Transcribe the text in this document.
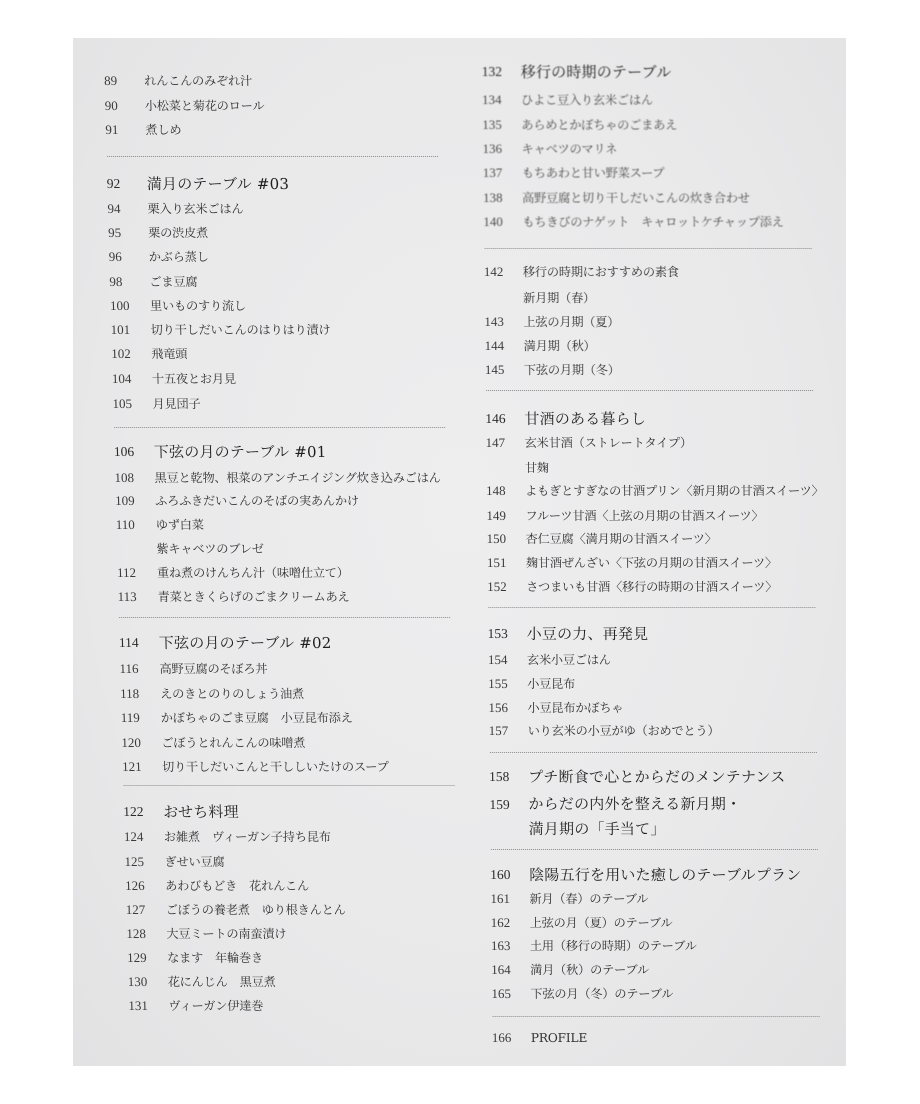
89 れんこんのみぞれ汁
90 小松菜と菊花のロール
91 煮しめ
92 満月のテーブル #03
94 栗入り玄米ごはん
95 栗の渋皮煮
96 かぶら蒸し
98 ごま豆腐
100 里いものすり流し
101 切り干しだいこんのはりはり漬け
102 飛竜頭
104 十五夜とお月見
105 月見団子
106 下弦の月のテーブル #01
108 黒豆と乾物、根菜のアンチエイジング炊き込みごはん
109 ふろふきだいこんのそばの実あんかけ
110 ゆず白菜
紫キャベツのブレゼ
112 重ね煮のけんちん汁（味噌仕立て）
113 青菜ときくらげのごまクリームあえ
114 下弦の月のテーブル #02
116 高野豆腐のそぼろ丼
118 えのきとのりのしょう油煮
119 かぼちゃのごま豆腐　小豆昆布添え
120 ごぼうとれんこんの味噌煮
121 切り干しだいこんと干ししいたけのスープ
122 おせち料理
124 お雑煮　ヴィーガン子持ち昆布
125 ぎせい豆腐
126 あわびもどき　花れんこん
127 ごぼうの養老煮　ゆり根きんとん
128 大豆ミートの南蛮漬け
129 なます　年輪巻き
130 花にんじん　黒豆煮
131 ヴィーガン伊達巻
132 移行の時期のテーブル
134 ひよこ豆入り玄米ごはん
135 あらめとかぼちゃのごまあえ
136 キャベツのマリネ
137 もちあわと甘い野菜スープ
138 高野豆腐と切り干しだいこんの炊き合わせ
140 もちきびのナゲット　キャロットケチャップ添え
142 移行の時期におすすめの素食
新月期（春）
143 上弦の月期（夏）
144 満月期（秋）
145 下弦の月期（冬）
146 甘酒のある暮らし
147 玄米甘酒（ストレートタイプ）
甘麹
148 よもぎとすぎなの甘酒プリン〈新月期の甘酒スイーツ〉
149 フルーツ甘酒〈上弦の月期の甘酒スイーツ〉
150 杏仁豆腐〈満月期の甘酒スイーツ〉
151 麹甘酒ぜんざい〈下弦の月期の甘酒スイーツ〉
152 さつまいも甘酒〈移行の時期の甘酒スイーツ〉
153 小豆の力、再発見
154 玄米小豆ごはん
155 小豆昆布
156 小豆昆布かぼちゃ
157 いり玄米の小豆がゆ（おめでとう）
158 プチ断食で心とからだのメンテナンス
159 からだの内外を整える新月期・
満月期の「手当て」
160 陰陽五行を用いた癒しのテーブルプラン
161 新月（春）のテーブル
162 上弦の月（夏）のテーブル
163 土用（移行の時期）のテーブル
164 満月（秋）のテーブル
165 下弦の月（冬）のテーブル
166 PROFILE
